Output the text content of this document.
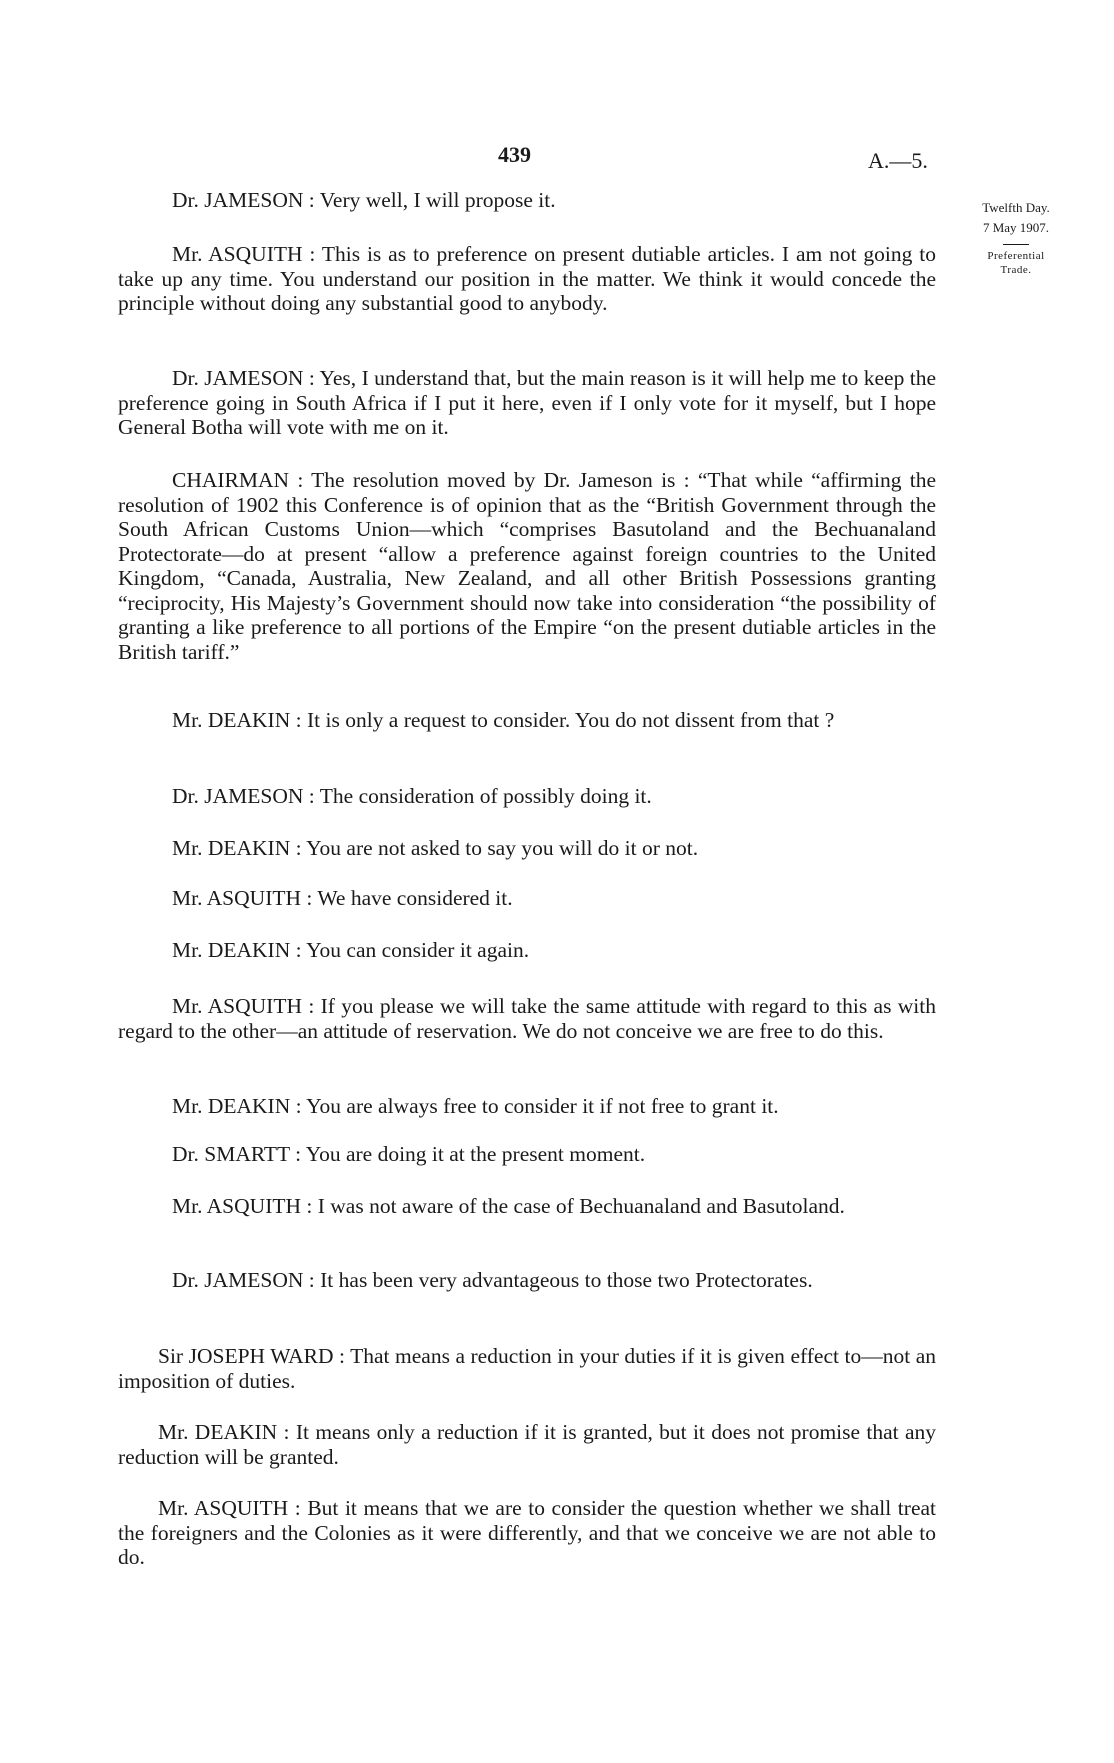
439	A.—5.
Twelfth Day.
7 May 1907.
Preferential
Trade.

Dr. JAMESON : Very well, I will propose it.

Mr. ASQUITH : This is as to preference on present dutiable articles. I am not going to take up any time. You understand our position in the matter. We think it would concede the principle without doing any substantial good to anybody.

Dr. JAMESON : Yes, I understand that, but the main reason is it will help me to keep the preference going in South Africa if I put it here, even if I only vote for it myself, but I hope General Botha will vote with me on it.

CHAIRMAN : The resolution moved by Dr. Jameson is : “That while “affirming the resolution of 1902 this Conference is of opinion that as the “British Government through the South African Customs Union—which “comprises Basutoland and the Bechuanaland Protectorate—do at present “allow a preference against foreign countries to the United Kingdom, “Canada, Australia, New Zealand, and all other British Possessions granting “reciprocity, His Majesty’s Government should now take into consideration “the possibility of granting a like preference to all portions of the Empire “on the present dutiable articles in the British tariff.”

Mr. DEAKIN : It is only a request to consider. You do not dissent from that ?

Dr. JAMESON : The consideration of possibly doing it.

Mr. DEAKIN : You are not asked to say you will do it or not.

Mr. ASQUITH : We have considered it.

Mr. DEAKIN : You can consider it again.

Mr. ASQUITH : If you please we will take the same attitude with regard to this as with regard to the other—an attitude of reservation. We do not conceive we are free to do this.

Mr. DEAKIN : You are always free to consider it if not free to grant it.

Dr. SMARTT : You are doing it at the present moment.

Mr. ASQUITH : I was not aware of the case of Bechuanaland and Basutoland.

Dr. JAMESON : It has been very advantageous to those two Protectorates.

Sir JOSEPH WARD : That means a reduction in your duties if it is given effect to—not an imposition of duties.

Mr. DEAKIN : It means only a reduction if it is granted, but it does not promise that any reduction will be granted.

Mr. ASQUITH : But it means that we are to consider the question whether we shall treat the foreigners and the Colonies as it were differently, and that we conceive we are not able to do.
